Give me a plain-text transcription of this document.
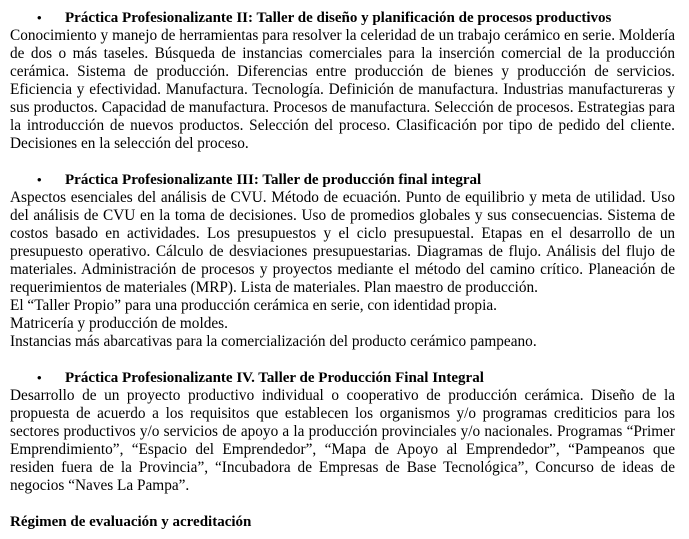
•	Práctica Profesionalizante II: Taller de diseño y planificación de procesos productivos

Conocimiento y manejo de herramientas para resolver la celeridad de un trabajo cerámico en serie. Moldería de dos o más taseles. Búsqueda de instancias comerciales para la inserción comercial de la producción cerámica. Sistema de producción. Diferencias entre producción de bienes y producción de servicios. Eficiencia y efectividad. Manufactura. Tecnología. Definición de manufactura. Industrias manufactureras y sus productos. Capacidad de manufactura. Procesos de manufactura. Selección de procesos. Estrategias para la introducción de nuevos productos. Selección del proceso. Clasificación por tipo de pedido del cliente. Decisiones en la selección del proceso.

•	Práctica Profesionalizante III: Taller de producción final integral

Aspectos esenciales del análisis de CVU. Método de ecuación. Punto de equilibrio y meta de utilidad. Uso del análisis de CVU en la toma de decisiones. Uso de promedios globales y sus consecuencias. Sistema de costos basado en actividades. Los presupuestos y el ciclo presupuestal. Etapas en el desarrollo de un presupuesto operativo. Cálculo de desviaciones presupuestarias. Diagramas de flujo. Análisis del flujo de materiales. Administración de procesos y proyectos mediante el método del camino crítico. Planeación de requerimientos de materiales (MRP). Lista de materiales. Plan maestro de producción.

El “Taller Propio” para una producción cerámica en serie, con identidad propia.

Matricería y producción de moldes.

Instancias más abarcativas para la comercialización del producto cerámico pampeano.

•	Práctica Profesionalizante IV. Taller de Producción Final Integral

Desarrollo de un proyecto productivo individual o cooperativo de producción cerámica. Diseño de la propuesta de acuerdo a los requisitos que establecen los organismos y/o programas crediticios para los sectores productivos y/o servicios de apoyo a la producción provinciales y/o nacionales. Programas “Primer Emprendimiento”, “Espacio del Emprendedor”, “Mapa de Apoyo al Emprendedor”, “Pampeanos que residen fuera de la Provincia”, “Incubadora de Empresas de Base Tecnológica”, Concurso de ideas de negocios “Naves La Pampa”.

Régimen de evaluación y acreditación
